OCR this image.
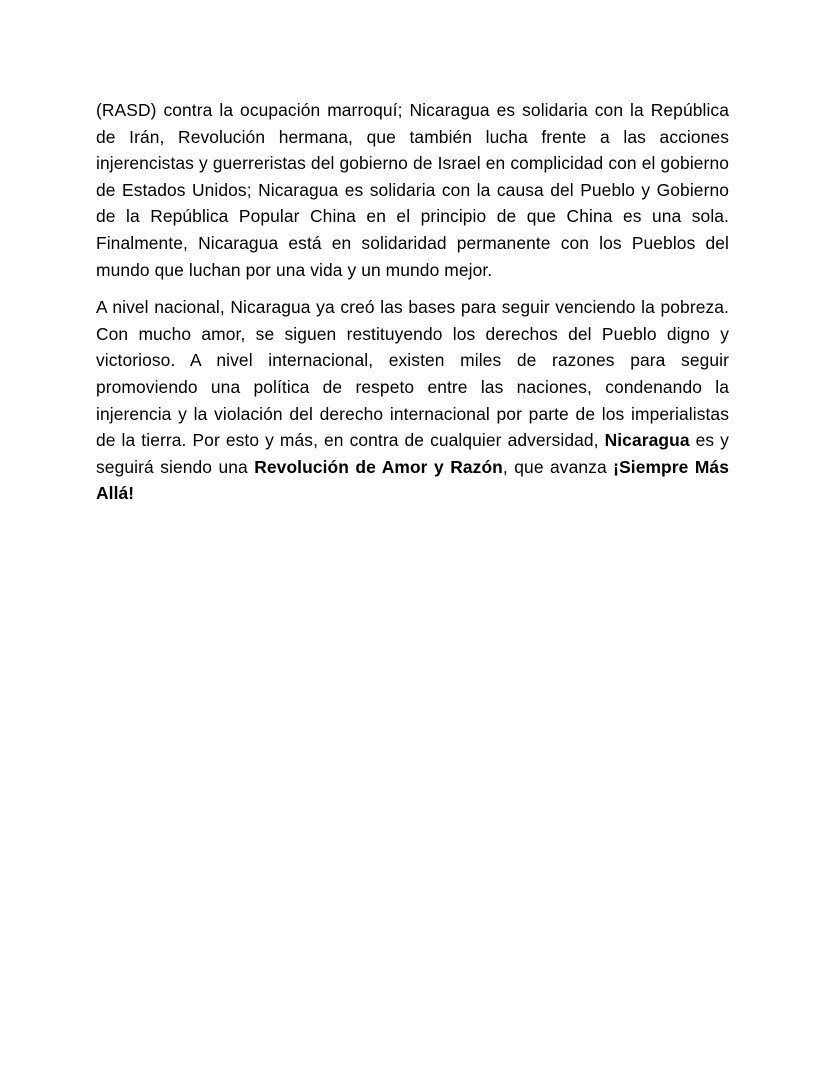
(RASD) contra la ocupación marroquí; Nicaragua es solidaria con la República de Irán, Revolución hermana, que también lucha frente a las acciones injerencistas y guerreristas del gobierno de Israel en complicidad con el gobierno de Estados Unidos; Nicaragua es solidaria con la causa del Pueblo y Gobierno de la República Popular China en el principio de que China es una sola. Finalmente, Nicaragua está en solidaridad permanente con los Pueblos del mundo que luchan por una vida y un mundo mejor.

A nivel nacional, Nicaragua ya creó las bases para seguir venciendo la pobreza. Con mucho amor, se siguen restituyendo los derechos del Pueblo digno y victorioso. A nivel internacional, existen miles de razones para seguir promoviendo una política de respeto entre las naciones, condenando la injerencia y la violación del derecho internacional por parte de los imperialistas de la tierra. Por esto y más, en contra de cualquier adversidad, Nicaragua es y seguirá siendo una Revolución de Amor y Razón, que avanza ¡Siempre Más Allá!
